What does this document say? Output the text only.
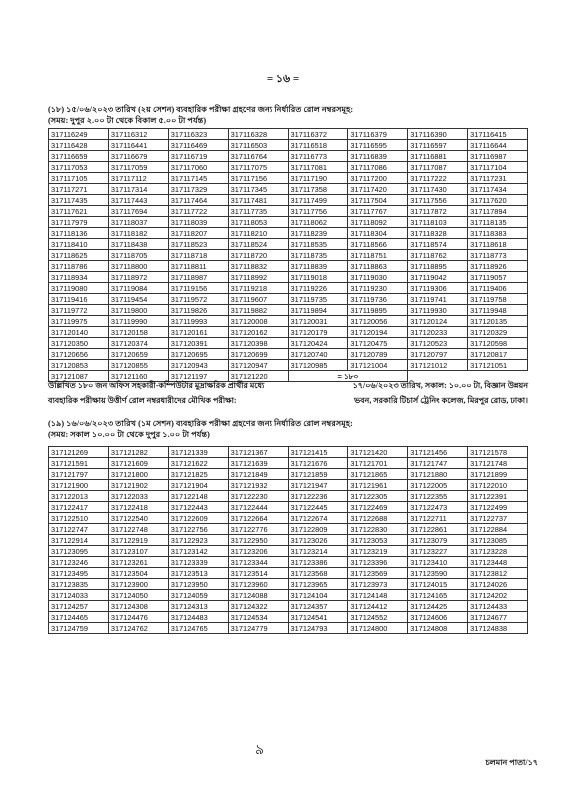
= ১৬ =
(১৮) ১৫/০৬/২০২৩ তারিখ (২য় সেশন) ব্যবহারিক পরীক্ষা গ্রহণের জন্য নির্ধারিত রোল নম্বরসমূহ:
(সময়: দুপুর ২.০০ টা থেকে বিকাল ৫.০০ টা পর্যন্ত)
317116249	317116312	317116323	317116328	317116372	317116379	317116390	317116415
317116428	317116441	317116469	317116503	317116518	317116595	317116597	317116644
317116659	317116679	317116719	317116764	317116773	317116839	317116881	317116987
317117053	317117059	317117060	317117075	317117081	317117086	317117087	317117104
317117105	317117112	317117145	317117156	317117190	317117200	317117222	317117231
317117271	317117314	317117329	317117345	317117358	317117420	317117430	317117434
317117435	317117443	317117464	317117481	317117499	317117504	317117556	317117620
317117621	317117694	317117722	317117735	317117756	317117767	317117872	317117894
317117979	317118037	317118039	317118053	317118062	317118092	317118103	317118135
317118136	317118182	317118207	317118210	317118239	317118304	317118328	317118383
317118410	317118438	317118523	317118524	317118535	317118566	317118574	317118618
317118625	317118705	317118718	317118720	317118735	317118751	317118762	317118773
317118786	317118800	317118811	317118832	317118839	317118863	317118895	317118926
317118934	317118972	317118987	317118992	317119018	317119030	317119042	317119057
317119080	317119084	317119156	317119218	317119226	317119230	317119306	317119406
317119416	317119454	317119572	317119607	317119735	317119736	317119741	317119758
317119772	317119800	317119826	317119882	317119894	317119895	317119930	317119948
317119975	317119990	317119993	317120008	317120031	317120056	317120124	317120135
317120140	317120158	317120161	317120162	317120179	317120194	317120233	317120329
317120350	317120374	317120391	317120398	317120424	317120475	317120523	317120598
317120656	317120659	317120695	317120699	317120740	317120789	317120797	317120817
317120853	317120855	317120943	317120947	317120985	317121004	317121012	317121051
317121087	317121160	317121197	317121220	= ১৮০			
উল্লিখিত ১৮০ জন অফিস সহকারী-কম্পিউটার মুদ্রাক্ষরিক প্রার্থীর মধ্যে	১৭/০৬/২০২৩ তারিখ, সকাল: ১০.০০ টা, বিজ্ঞান উন্নয়ন
ব্যবহারিক পরীক্ষায় উত্তীর্ণ রোল নম্বরধারীদের মৌখিক পরীক্ষা:	ভবন, সরকারি টিচার্স ট্রেনিং কলেজ, মিরপুর রোড, ঢাকা।
(১৯) ১৬/০৬/২০২৩ তারিখ (১ম সেশন) ব্যবহারিক পরীক্ষা গ্রহণের জন্য নির্ধারিত রোল নম্বরসমূহ:
(সময়: সকাল ১০.০০ টা থেকে দুপুর ১.০০ টা পর্যন্ত)
317121269	317121282	317121339	317121367	317121415	317121420	317121456	317121578
317121591	317121609	317121622	317121639	317121676	317121701	317121747	317121748
317121797	317121800	317121825	317121849	317121859	317121865	317121880	317121899
317121900	317121902	317121904	317121932	317121947	317121961	317122005	317122010
317122013	317122033	317122148	317122230	317122236	317122305	317122355	317122391
317122417	317122418	317122443	317122444	317122445	317122469	317122473	317122499
317122510	317122540	317122609	317122664	317122674	317122688	317122711	317122737
317122747	317122748	317122756	317122776	317122809	317122830	317122861	317122884
317122914	317122919	317122923	317122950	317123026	317123053	317123079	317123085
317123095	317123107	317123142	317123206	317123214	317123219	317123227	317123228
317123246	317123261	317123339	317123344	317123386	317123396	317123410	317123448
317123495	317123504	317123513	317123514	317123568	317123569	317123590	317123812
317123835	317123900	317123950	317123960	317123965	317123973	317124015	317124026
317124033	317124050	317124059	317124088	317124104	317124148	317124165	317124202
317124257	317124308	317124313	317124322	317124357	317124412	317124425	317124433
317124465	317124476	317124483	317124534	317124541	317124552	317124606	317124677
317124759	317124762	317124765	317124779	317124793	317124800	317124808	317124838
৯
চলমান পাতা/১৭
